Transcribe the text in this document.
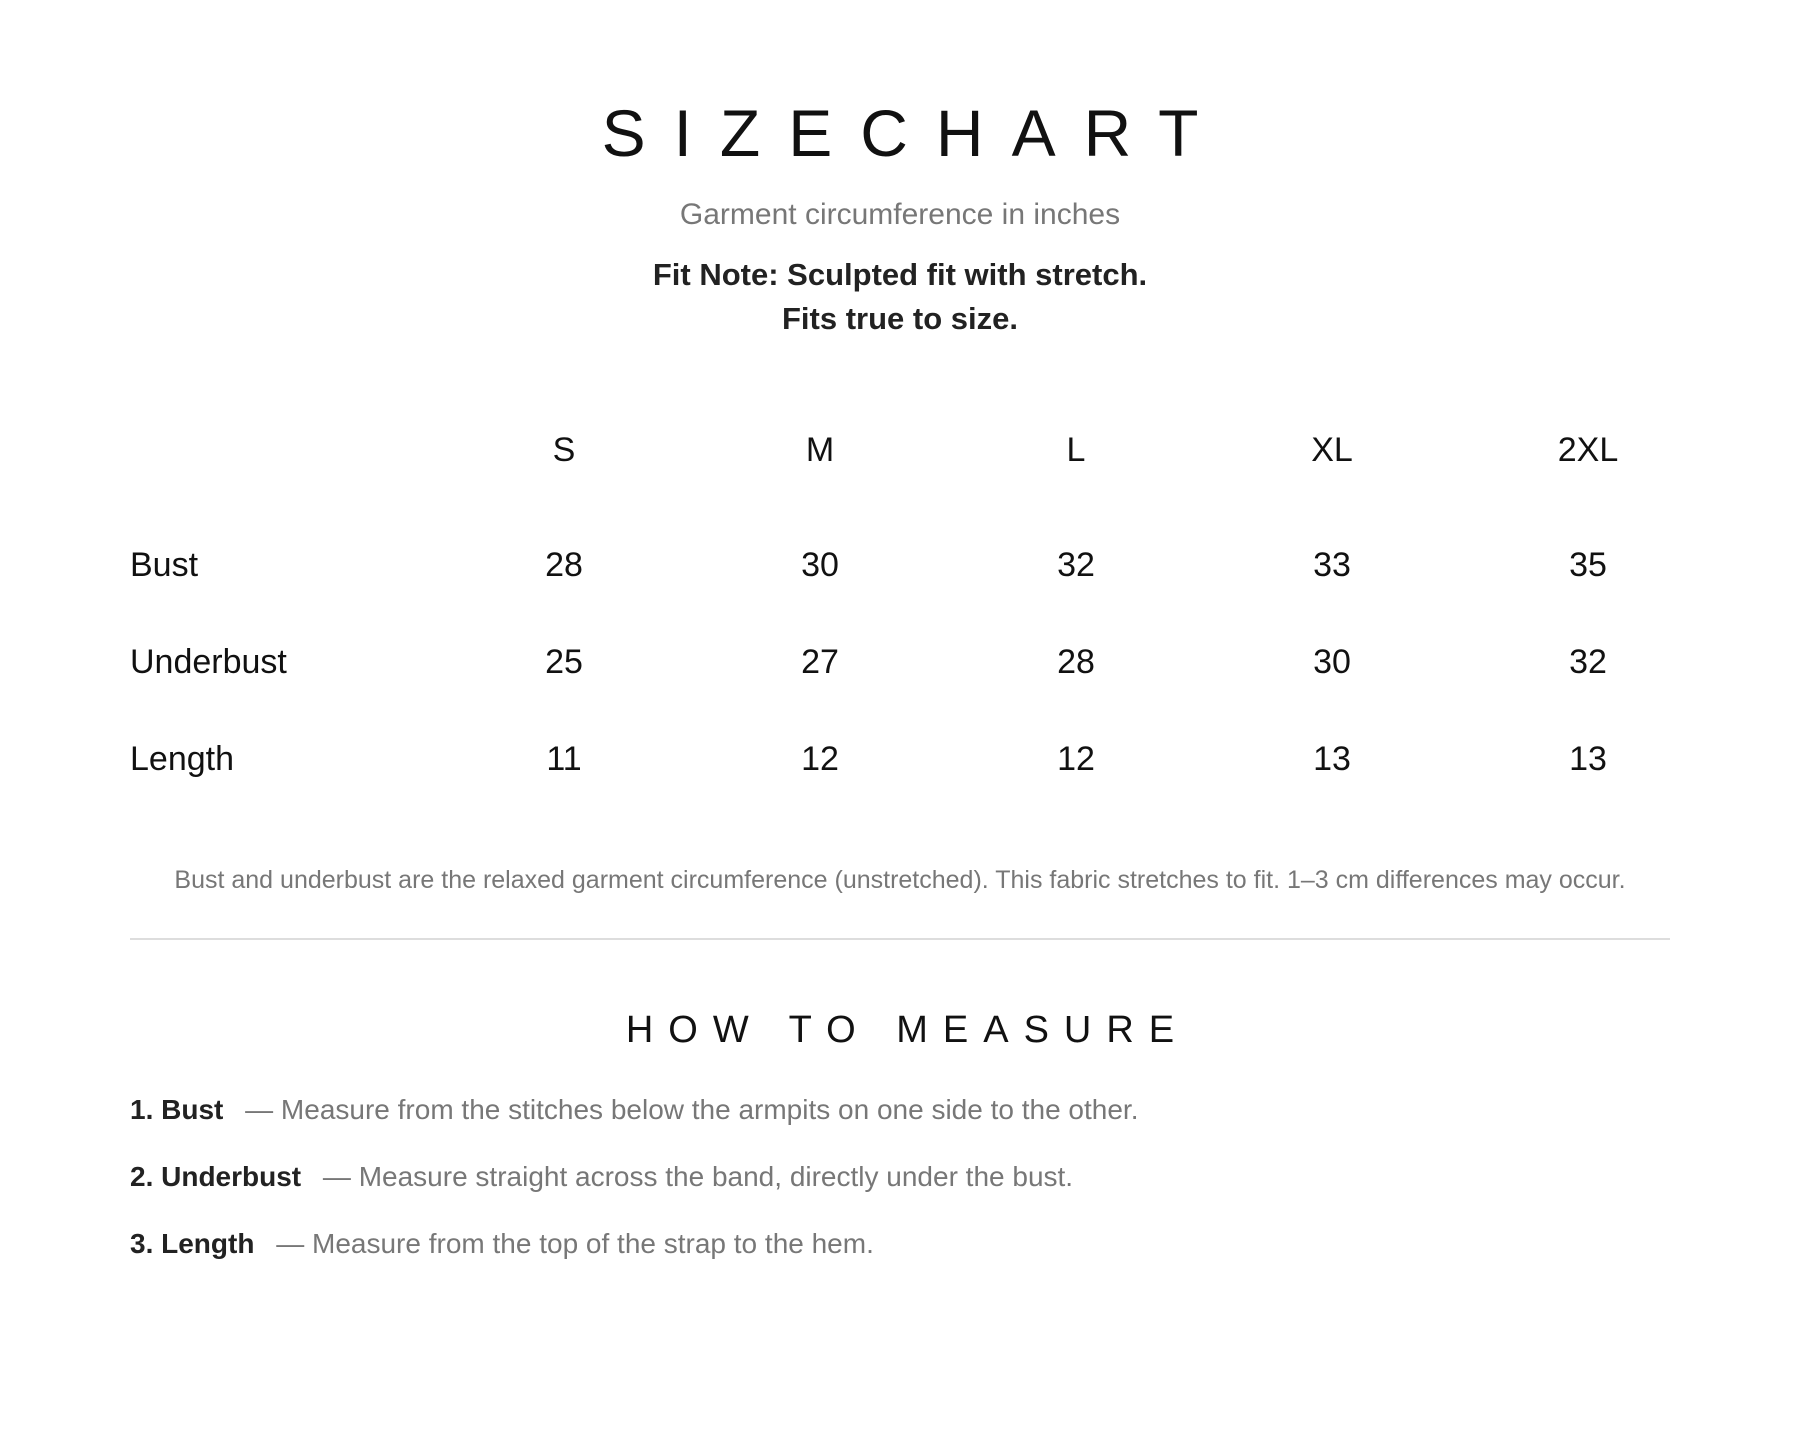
SIZECHART

Garment circumference in inches

Fit Note: Sculpted fit with stretch.
Fits true to size.

	S	M	L	XL	2XL
Bust	28	30	32	33	35
Underbust	25	27	28	30	32
Length	11	12	12	13	13

Bust and underbust are the relaxed garment circumference (unstretched). This fabric stretches to fit. 1–3 cm differences may occur.

HOW TO MEASURE
1. Bust — Measure from the stitches below the armpits on one side to the other.
2. Underbust — Measure straight across the band, directly under the bust.
3. Length — Measure from the top of the strap to the hem.
